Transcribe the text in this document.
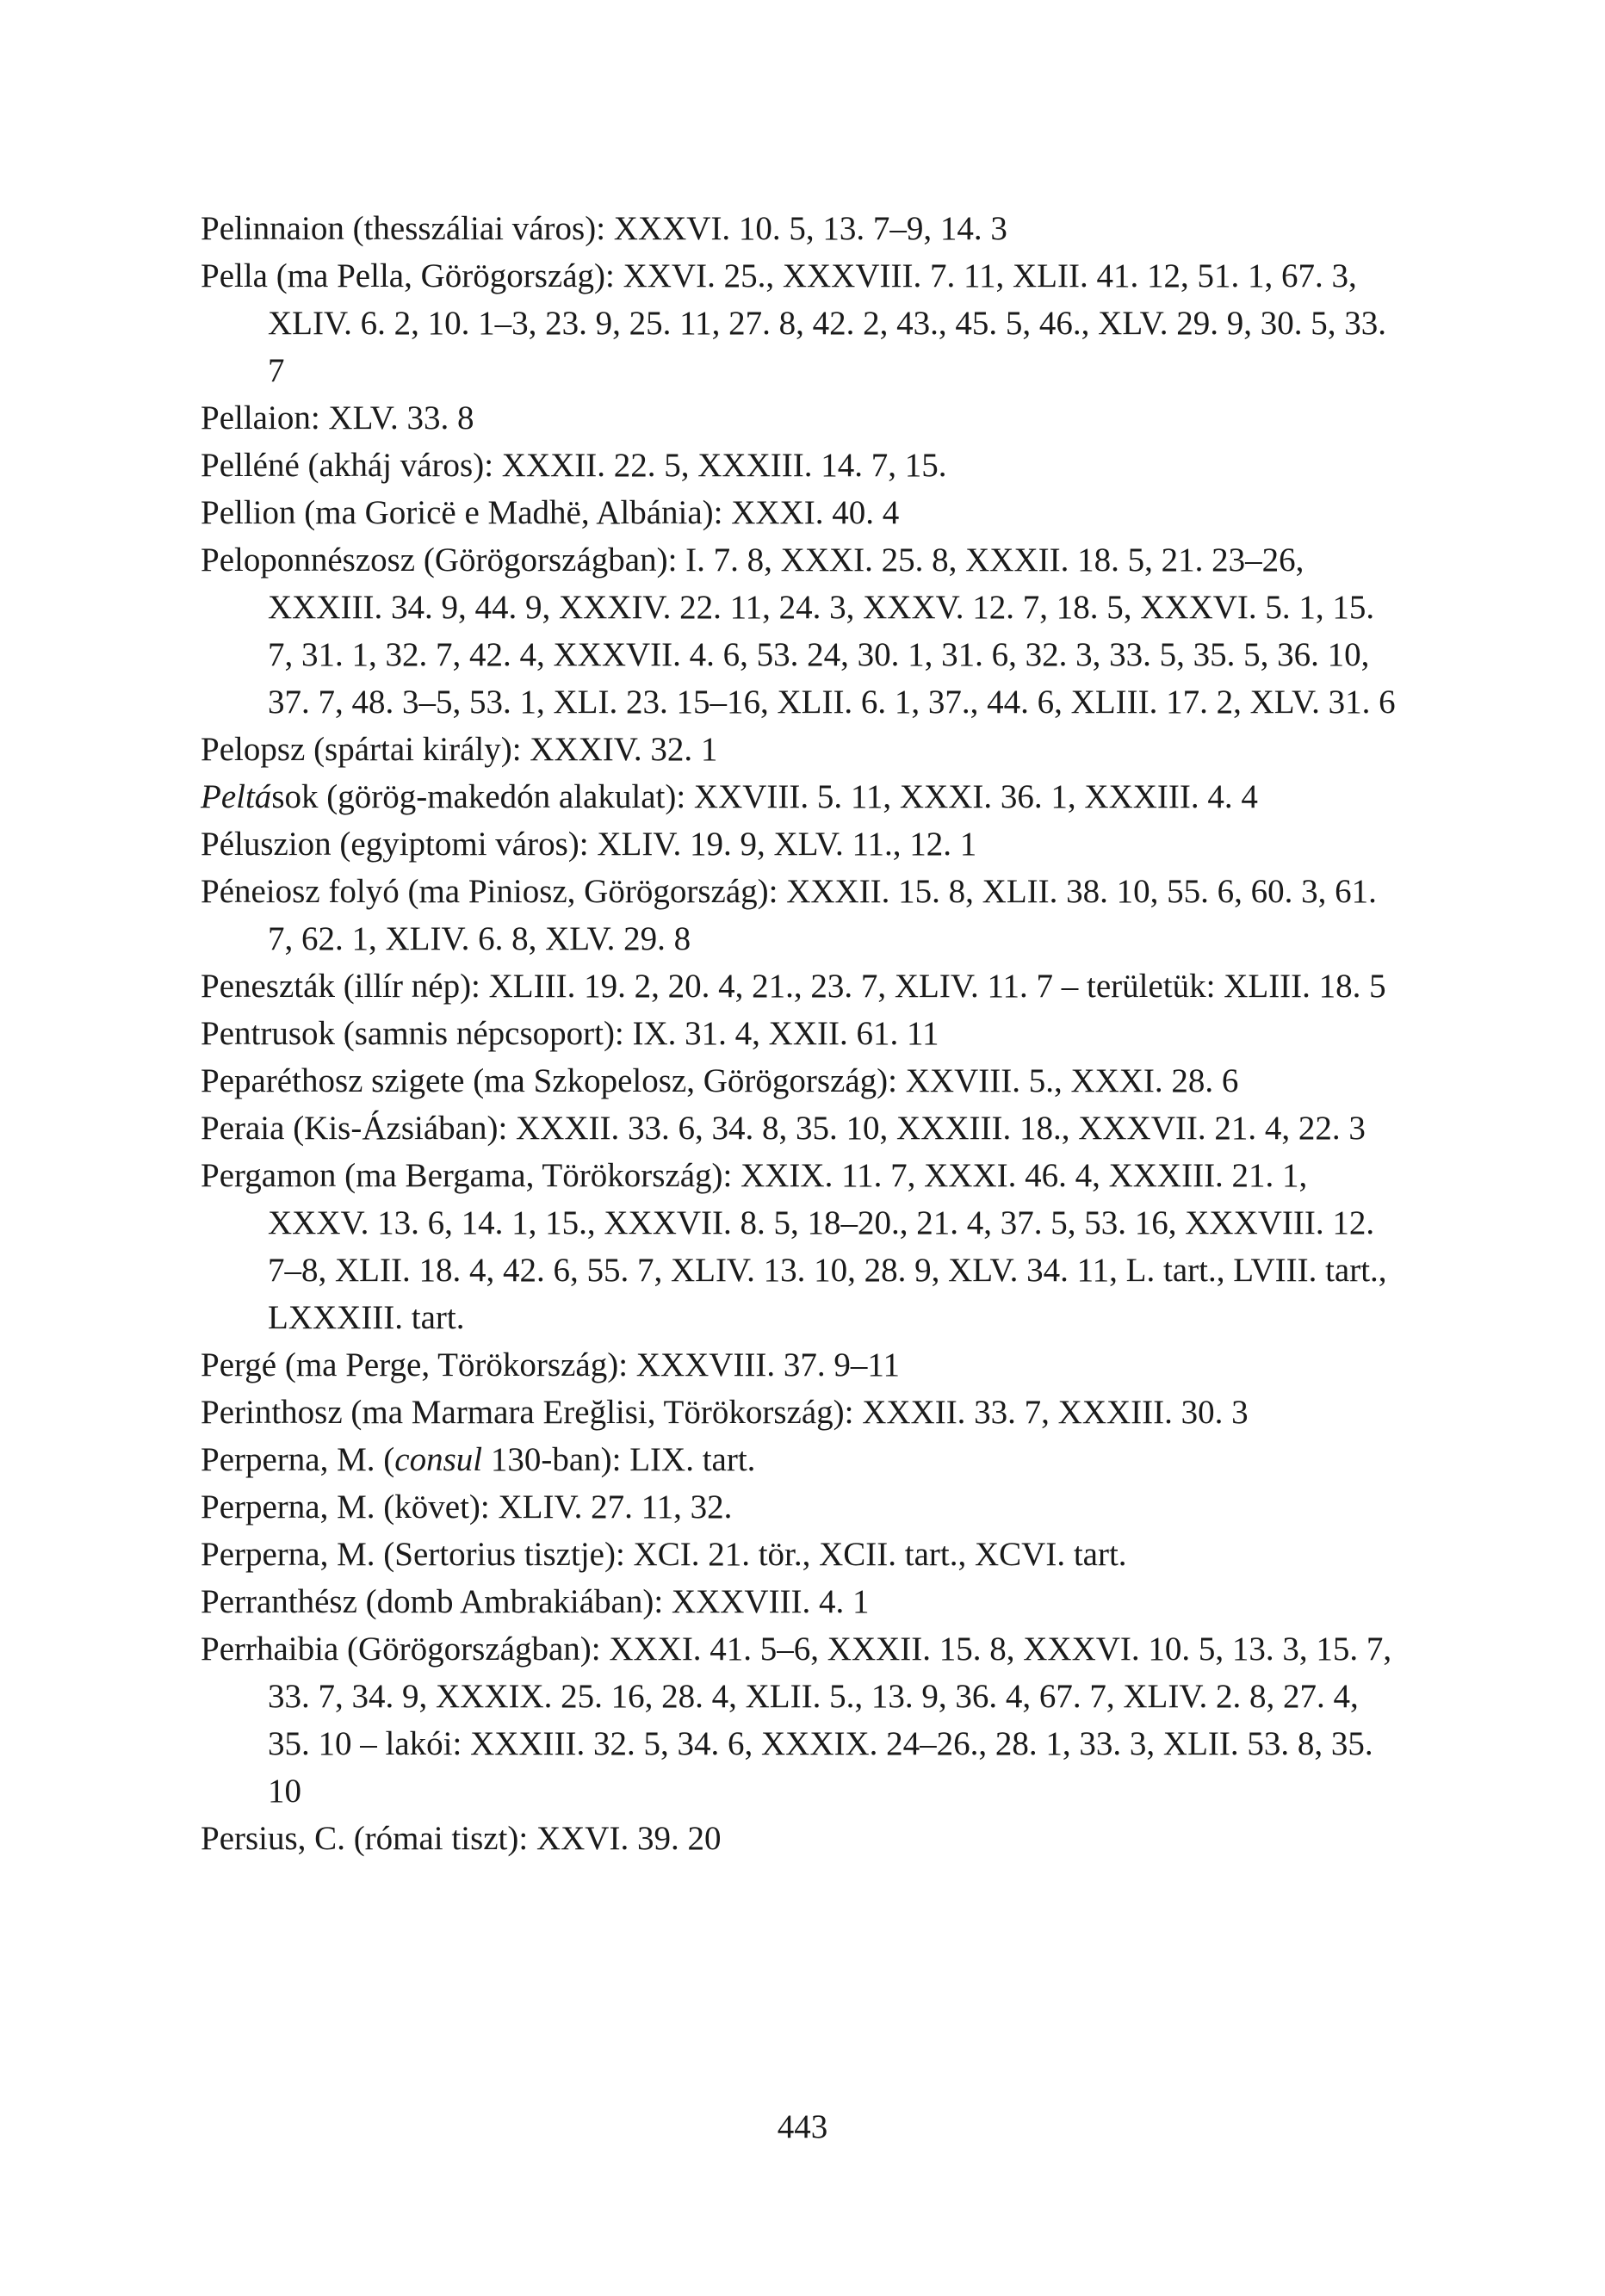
Pelinnaion (thesszáliai város): XXXVI. 10. 5, 13. 7–9, 14. 3
Pella (ma Pella, Görögország): XXVI. 25., XXXVIII. 7. 11, XLII. 41. 12, 51. 1, 67. 3, XLIV. 6. 2, 10. 1–3, 23. 9, 25. 11, 27. 8, 42. 2, 43., 45. 5, 46., XLV. 29. 9, 30. 5, 33. 7
Pellaion: XLV. 33. 8
Pelléné (akháj város): XXXII. 22. 5, XXXIII. 14. 7, 15.
Pellion (ma Goricë e Madhë, Albánia): XXXI. 40. 4
Peloponnészosz (Görögországban): I. 7. 8, XXXI. 25. 8, XXXII. 18. 5, 21. 23–26, XXXIII. 34. 9, 44. 9, XXXIV. 22. 11, 24. 3, XXXV. 12. 7, 18. 5, XXXVI. 5. 1, 15. 7, 31. 1, 32. 7, 42. 4, XXXVII. 4. 6, 53. 24, 30. 1, 31. 6, 32. 3, 33. 5, 35. 5, 36. 10, 37. 7, 48. 3–5, 53. 1, XLI. 23. 15–16, XLII. 6. 1, 37., 44. 6, XLIII. 17. 2, XLV. 31. 6
Pelopsz (spártai király): XXXIV. 32. 1
Peltások (görög-makedón alakulat): XXVIII. 5. 11, XXXI. 36. 1, XXXIII. 4. 4
Péluszion (egyiptomi város): XLIV. 19. 9, XLV. 11., 12. 1
Péneiosz folyó (ma Piniosz, Görögország): XXXII. 15. 8, XLII. 38. 10, 55. 6, 60. 3, 61. 7, 62. 1, XLIV. 6. 8, XLV. 29. 8
Peneszták (illír nép): XLIII. 19. 2, 20. 4, 21., 23. 7, XLIV. 11. 7 – területük: XLIII. 18. 5
Pentrusok (samnis népcsoport): IX. 31. 4, XXII. 61. 11
Peparéthosz szigete (ma Szkopelosz, Görögország): XXVIII. 5., XXXI. 28. 6
Peraia (Kis-Ázsiában): XXXII. 33. 6, 34. 8, 35. 10, XXXIII. 18., XXXVII. 21. 4, 22. 3
Pergamon (ma Bergama, Törökország): XXIX. 11. 7, XXXI. 46. 4, XXXIII. 21. 1, XXXV. 13. 6, 14. 1, 15., XXXVII. 8. 5, 18–20., 21. 4, 37. 5, 53. 16, XXXVIII. 12. 7–8, XLII. 18. 4, 42. 6, 55. 7, XLIV. 13. 10, 28. 9, XLV. 34. 11, L. tart., LVIII. tart., LXXXIII. tart.
Pergé (ma Perge, Törökország): XXXVIII. 37. 9–11
Perinthosz (ma Marmara Ereğlisi, Törökország): XXXII. 33. 7, XXXIII. 30. 3
Perperna, M. (consul 130-ban): LIX. tart.
Perperna, M. (követ): XLIV. 27. 11, 32.
Perperna, M. (Sertorius tisztje): XCI. 21. tör., XCII. tart., XCVI. tart.
Perranthész (domb Ambrakiában): XXXVIII. 4. 1
Perrhaibia (Görögországban): XXXI. 41. 5–6, XXXII. 15. 8, XXXVI. 10. 5, 13. 3, 15. 7, 33. 7, 34. 9, XXXIX. 25. 16, 28. 4, XLII. 5., 13. 9, 36. 4, 67. 7, XLIV. 2. 8, 27. 4, 35. 10 – lakói: XXXIII. 32. 5, 34. 6, XXXIX. 24–26., 28. 1, 33. 3, XLII. 53. 8, 35. 10
Persius, C. (római tiszt): XXVI. 39. 20
443
